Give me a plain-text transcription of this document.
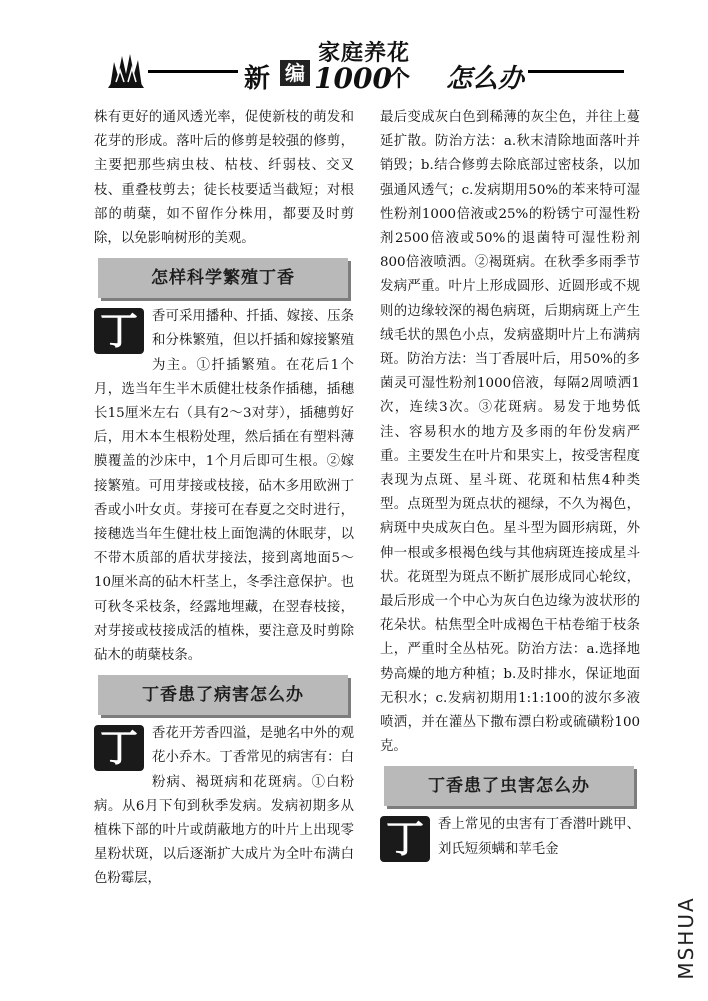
新 编
家庭养花
1000
个 怎么办

株有更好的通风透光率，促使新枝的萌发和花芽的形成。落叶后的修剪是较强的修剪，主要把那些病虫枝、枯枝、纤弱枝、交叉枝、重叠枝剪去；徒长枝要适当截短；对根部的萌蘖，如不留作分株用，都要及时剪除，以免影响树形的美观。

怎样科学繁殖丁香

丁	香可采用播种、扦插、嫁接、压条和分株繁殖，但以扦插和嫁接繁殖为主。①扦插繁殖。在花后1个月，选当年生半木质健壮枝条作插穗，插穗长15厘米左右（具有2～3对芽），插穗剪好后，用木本生根粉处理，然后插在有塑料薄膜覆盖的沙床中，1个月后即可生根。②嫁接繁殖。可用芽接或枝接，砧木多用欧洲丁香或小叶女贞。芽接可在春夏之交时进行，接穗选当年生健壮枝上面饱满的休眠芽，以不带木质部的盾状芽接法，接到离地面5～10厘米高的砧木杆茎上，冬季注意保护。也可秋冬采枝条，经露地埋藏，在翌春枝接，对芽接或枝接成活的植株，要注意及时剪除砧木的萌蘖枝条。

丁香患了病害怎么办

丁	香花开芳香四溢，是驰名中外的观花小乔木。丁香常见的病害有：白粉病、褐斑病和花斑病。①白粉病。从6月下旬到秋季发病。发病初期多从植株下部的叶片或荫蔽地方的叶片上出现零星粉状斑，以后逐渐扩大成片为全叶布满白色粉霉层，

最后变成灰白色到稀薄的灰尘色，并往上蔓延扩散。防治方法：a.秋末清除地面落叶并销毁；b.结合修剪去除底部过密枝条，以加强通风透气；c.发病期用50%的苯来特可湿性粉剂1000倍液或25%的粉锈宁可湿性粉剂2500倍液或50%的退菌特可湿性粉剂800倍液喷洒。②褐斑病。在秋季多雨季节发病严重。叶片上形成圆形、近圆形或不规则的边缘较深的褐色病斑，后期病斑上产生绒毛状的黑色小点，发病盛期叶片上布满病斑。防治方法：当丁香展叶后，用50%的多菌灵可湿性粉剂1000倍液，每隔2周喷洒1次，连续3次。③花斑病。易发于地势低洼、容易积水的地方及多雨的年份发病严重。主要发生在叶片和果实上，按受害程度表现为点斑、星斗斑、花斑和枯焦4种类型。点斑型为斑点状的褪绿，不久为褐色，病斑中央成灰白色。星斗型为圆形病斑，外伸一根或多根褐色线与其他病斑连接成星斗状。花斑型为斑点不断扩展形成同心轮纹，最后形成一个中心为灰白色边缘为波状形的花朵状。枯焦型全叶成褐色干枯卷缩于枝条上，严重时全丛枯死。防治方法：a.选择地势高燥的地方种植；b.及时排水，保证地面无积水；c.发病初期用1:1:100的波尔多液喷洒，并在灌丛下撒布漂白粉或硫磺粉100克。

丁香患了虫害怎么办

丁	香上常见的虫害有丁香潜叶跳甲、刘氏短须螨和苹毛金

MSHUA
